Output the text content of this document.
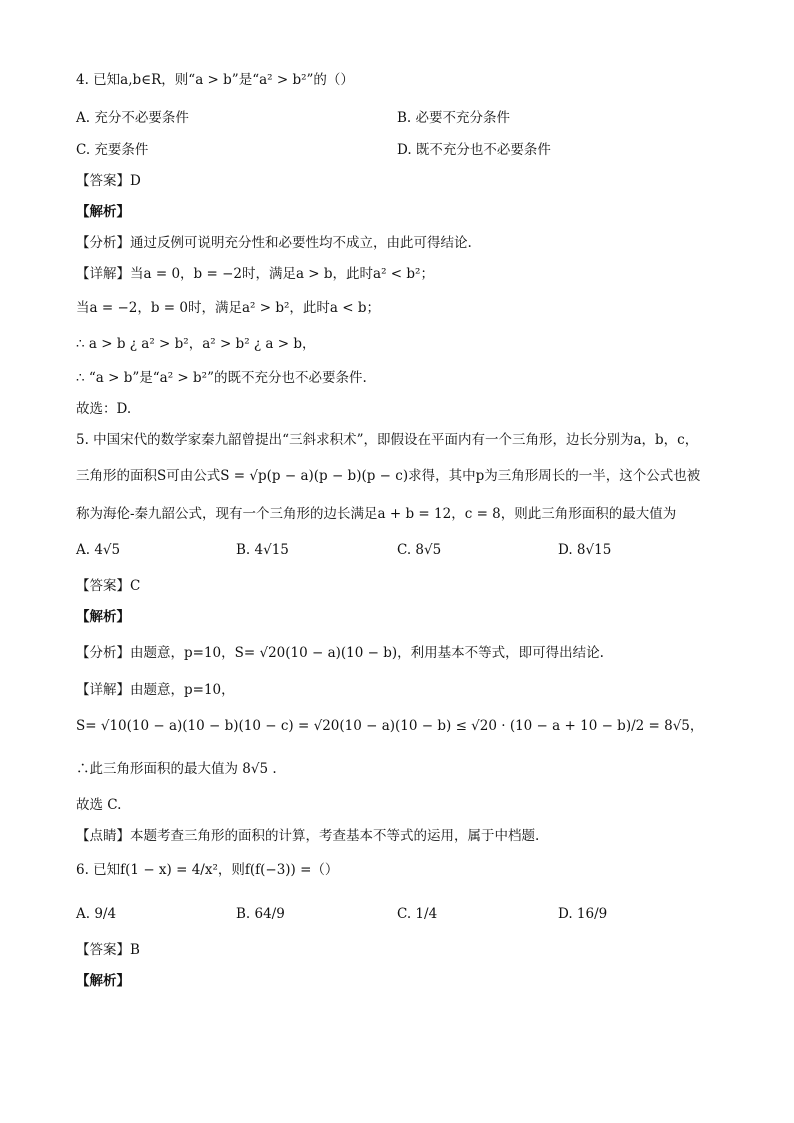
4. 已知a,b∈R，则“a > b”是“a² > b²”的（）
A. 充分不必要条件	B. 必要不充分条件
C. 充要条件	D. 既不充分也不必要条件
【答案】D
【解析】
【分析】通过反例可说明充分性和必要性均不成立，由此可得结论.
【详解】当a = 0，b = −2时，满足a > b，此时a² < b²；
当a = −2，b = 0时，满足a² > b²，此时a < b；
∴ a > b ¿ a² > b²，a² > b² ¿ a > b，
∴ “a > b”是“a² > b²”的既不充分也不必要条件.
故选：D.
5. 中国宋代的数学家秦九韶曾提出“三斜求积术”，即假设在平面内有一个三角形，边长分别为a，b，c，
三角形的面积S可由公式S = √p(p − a)(p − b)(p − c)求得，其中p为三角形周长的一半，这个公式也被
称为海伦-秦九韶公式，现有一个三角形的边长满足a + b = 12，c = 8，则此三角形面积的最大值为
A. 4√5	B. 4√15	C. 8√5	D. 8√15
【答案】C
【解析】
【分析】由题意，p=10，S= √20(10 − a)(10 − b)，利用基本不等式，即可得出结论.
【详解】由题意，p=10，
S= √10(10 − a)(10 − b)(10 − c) = √20(10 − a)(10 − b) ≤ √20 · (10 − a + 10 − b)/2 = 8√5，
∴此三角形面积的最大值为 8√5 .
故选 C.
【点睛】本题考查三角形的面积的计算，考查基本不等式的运用，属于中档题.
6. 已知f(1 − x) = 4/x²，则f(f(−3)) =（）
A. 9/4	B. 64/9	C. 1/4	D. 16/9
【答案】B
【解析】
